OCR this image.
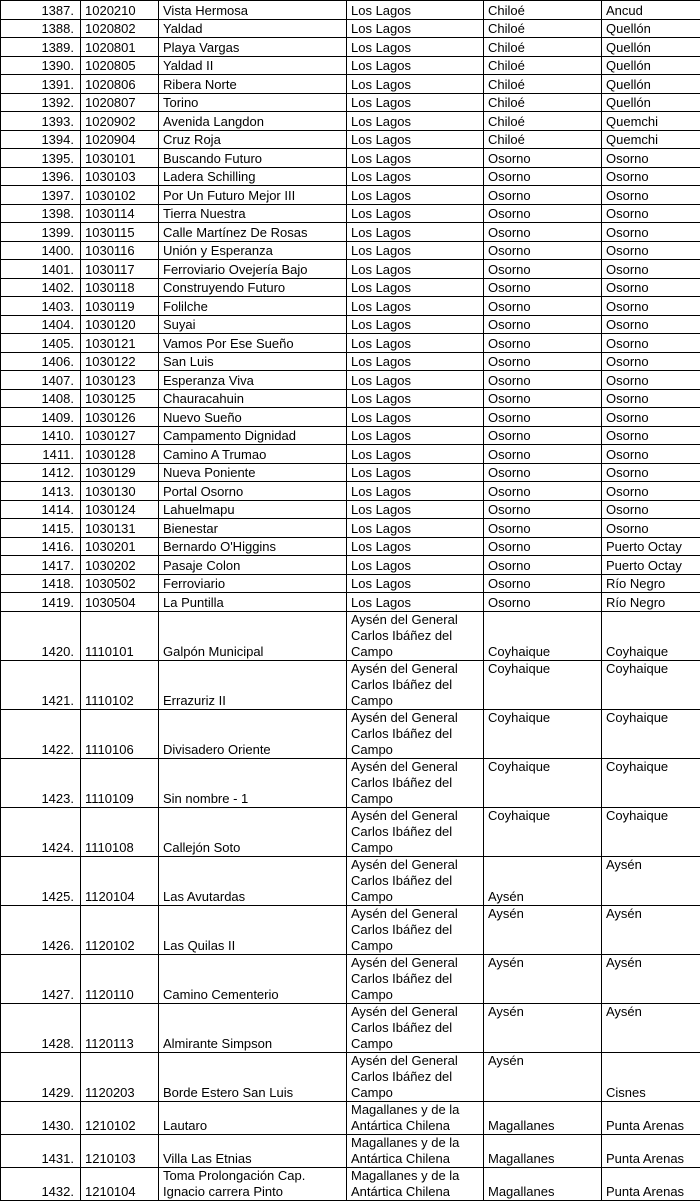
1387.	1020210	Vista Hermosa	Los Lagos	Chiloé	Ancud
1388.	1020802	Yaldad	Los Lagos	Chiloé	Quellón
1389.	1020801	Playa Vargas	Los Lagos	Chiloé	Quellón
1390.	1020805	Yaldad II	Los Lagos	Chiloé	Quellón
1391.	1020806	Ribera Norte	Los Lagos	Chiloé	Quellón
1392.	1020807	Torino	Los Lagos	Chiloé	Quellón
1393.	1020902	Avenida Langdon	Los Lagos	Chiloé	Quemchi
1394.	1020904	Cruz Roja	Los Lagos	Chiloé	Quemchi
1395.	1030101	Buscando Futuro	Los Lagos	Osorno	Osorno
1396.	1030103	Ladera Schilling	Los Lagos	Osorno	Osorno
1397.	1030102	Por Un Futuro Mejor III	Los Lagos	Osorno	Osorno
1398.	1030114	Tierra Nuestra	Los Lagos	Osorno	Osorno
1399.	1030115	Calle Martínez De Rosas	Los Lagos	Osorno	Osorno
1400.	1030116	Unión y Esperanza	Los Lagos	Osorno	Osorno
1401.	1030117	Ferroviario Ovejería Bajo	Los Lagos	Osorno	Osorno
1402.	1030118	Construyendo Futuro	Los Lagos	Osorno	Osorno
1403.	1030119	Folilche	Los Lagos	Osorno	Osorno
1404.	1030120	Suyai	Los Lagos	Osorno	Osorno
1405.	1030121	Vamos Por Ese Sueño	Los Lagos	Osorno	Osorno
1406.	1030122	San Luis	Los Lagos	Osorno	Osorno
1407.	1030123	Esperanza Viva	Los Lagos	Osorno	Osorno
1408.	1030125	Chauracahuin	Los Lagos	Osorno	Osorno
1409.	1030126	Nuevo Sueño	Los Lagos	Osorno	Osorno
1410.	1030127	Campamento Dignidad	Los Lagos	Osorno	Osorno
1411.	1030128	Camino A Trumao	Los Lagos	Osorno	Osorno
1412.	1030129	Nueva Poniente	Los Lagos	Osorno	Osorno
1413.	1030130	Portal Osorno	Los Lagos	Osorno	Osorno
1414.	1030124	Lahuelmapu	Los Lagos	Osorno	Osorno
1415.	1030131	Bienestar	Los Lagos	Osorno	Osorno
1416.	1030201	Bernardo O'Higgins	Los Lagos	Osorno	Puerto Octay
1417.	1030202	Pasaje Colon	Los Lagos	Osorno	Puerto Octay
1418.	1030502	Ferroviario	Los Lagos	Osorno	Río Negro
1419.	1030504	La Puntilla	Los Lagos	Osorno	Río Negro
1420.	1110101	Galpón Municipal	Aysén del General
Carlos Ibáñez del
Campo	Coyhaique	Coyhaique
1421.	1110102	Errazuriz II	Aysén del General
Carlos Ibáñez del
Campo	Coyhaique	Coyhaique
1422.	1110106	Divisadero Oriente	Aysén del General
Carlos Ibáñez del
Campo	Coyhaique	Coyhaique
1423.	1110109	Sin nombre - 1	Aysén del General
Carlos Ibáñez del
Campo	Coyhaique	Coyhaique
1424.	1110108	Callejón Soto	Aysén del General
Carlos Ibáñez del
Campo	Coyhaique	Coyhaique
1425.	1120104	Las Avutardas	Aysén del General
Carlos Ibáñez del
Campo	Aysén	Aysén
1426.	1120102	Las Quilas II	Aysén del General
Carlos Ibáñez del
Campo	Aysén	Aysén
1427.	1120110	Camino Cementerio	Aysén del General
Carlos Ibáñez del
Campo	Aysén	Aysén
1428.	1120113	Almirante Simpson	Aysén del General
Carlos Ibáñez del
Campo	Aysén	Aysén
1429.	1120203	Borde Estero San Luis	Aysén del General
Carlos Ibáñez del
Campo	Aysén	Cisnes
1430.	1210102	Lautaro	Magallanes y de la
Antártica Chilena	Magallanes	Punta Arenas
1431.	1210103	Villa Las Etnias	Magallanes y de la
Antártica Chilena	Magallanes	Punta Arenas
1432.	1210104	Toma Prolongación Cap.
Ignacio carrera Pinto	Magallanes y de la
Antártica Chilena	Magallanes	Punta Arenas
